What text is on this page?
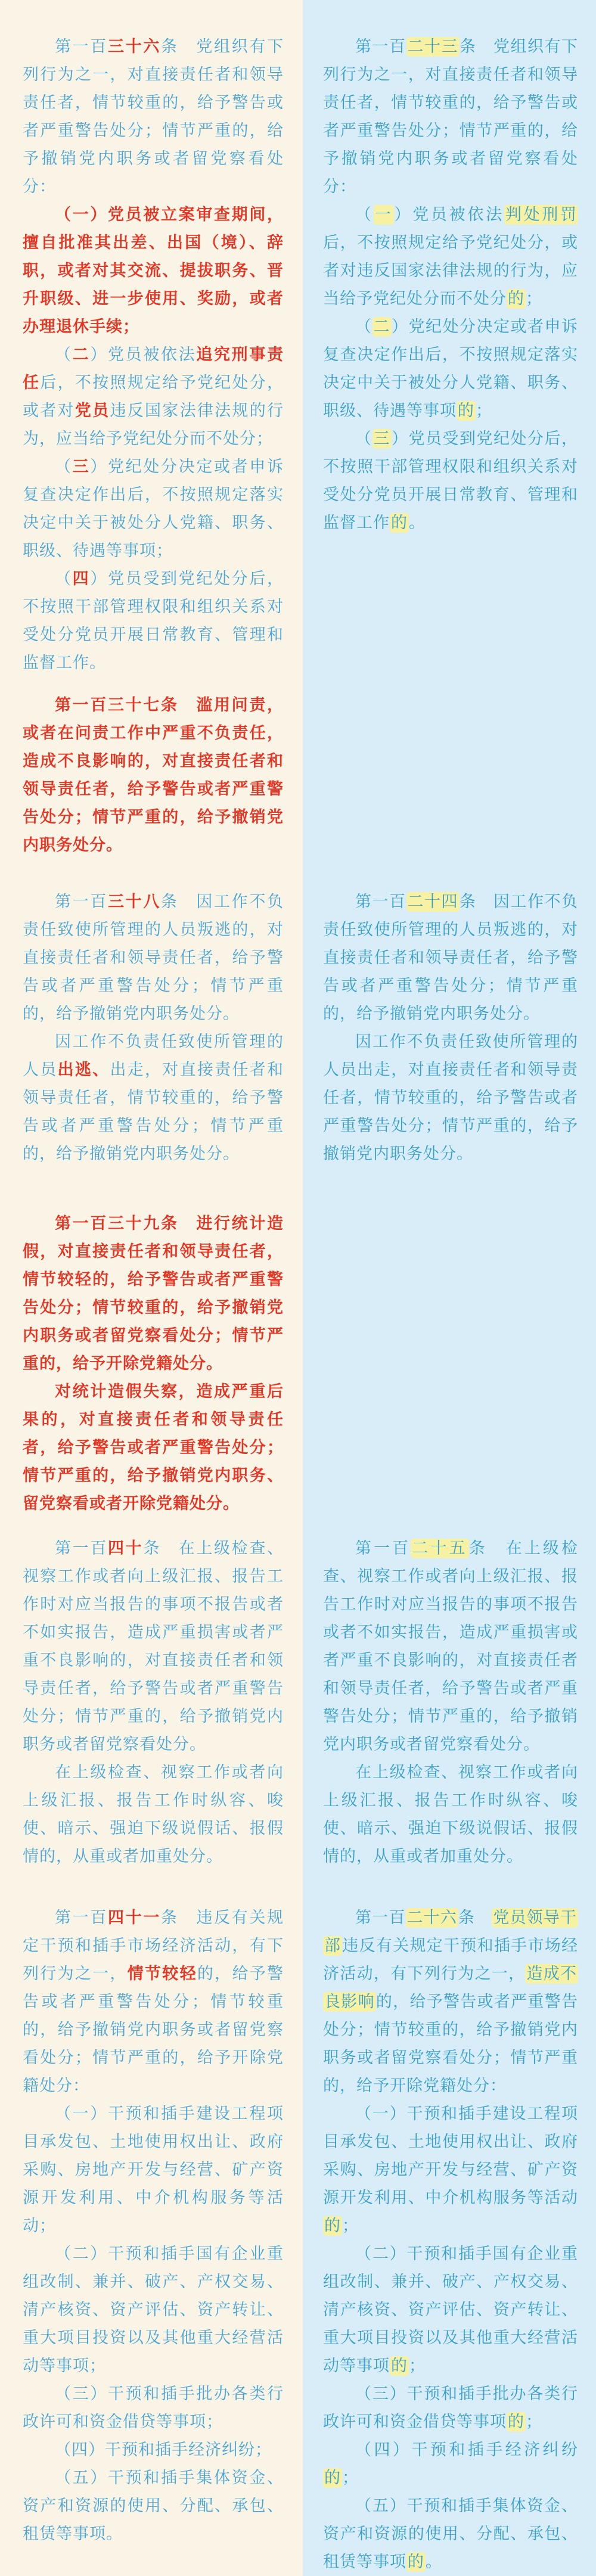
第一百三十六条　党组织有下列行为之一，对直接责任者和领导责任者，情节较重的，给予警告或者严重警告处分；情节严重的，给予撤销党内职务或者留党察看处分：

（一）党员被立案审查期间，擅自批准其出差、出国（境）、辞职，或者对其交流、提拔职务、晋升职级、进一步使用、奖励，或者办理退休手续；

（二）党员被依法追究刑事责任后，不按照规定给予党纪处分，或者对党员违反国家法律法规的行为，应当给予党纪处分而不处分；

（三）党纪处分决定或者申诉复查决定作出后，不按照规定落实决定中关于被处分人党籍、职务、职级、待遇等事项；

（四）党员受到党纪处分后，不按照干部管理权限和组织关系对受处分党员开展日常教育、管理和监督工作。

第一百二十三条　党组织有下列行为之一，对直接责任者和领导责任者，情节较重的，给予警告或者严重警告处分；情节严重的，给予撤销党内职务或者留党察看处分：

（一）党员被依法判处刑罚后，不按照规定给予党纪处分，或者对违反国家法律法规的行为，应当给予党纪处分而不处分的；

（二）党纪处分决定或者申诉复查决定作出后，不按照规定落实决定中关于被处分人党籍、职务、职级、待遇等事项的；

（三）党员受到党纪处分后，不按照干部管理权限和组织关系对受处分党员开展日常教育、管理和监督工作的。

第一百三十七条　滥用问责，或者在问责工作中严重不负责任，造成不良影响的，对直接责任者和领导责任者，给予警告或者严重警告处分；情节严重的，给予撤销党内职务处分。

第一百三十八条　因工作不负责任致使所管理的人员叛逃的，对直接责任者和领导责任者，给予警告或者严重警告处分；情节严重的，给予撤销党内职务处分。

因工作不负责任致使所管理的人员出逃、出走，对直接责任者和领导责任者，情节较重的，给予警告或者严重警告处分；情节严重的，给予撤销党内职务处分。

第一百二十四条　因工作不负责任致使所管理的人员叛逃的，对直接责任者和领导责任者，给予警告或者严重警告处分；情节严重的，给予撤销党内职务处分。

因工作不负责任致使所管理的人员出走，对直接责任者和领导责任者，情节较重的，给予警告或者严重警告处分；情节严重的，给予撤销党内职务处分。

第一百三十九条　进行统计造假，对直接责任者和领导责任者，情节较轻的，给予警告或者严重警告处分；情节较重的，给予撤销党内职务或者留党察看处分；情节严重的，给予开除党籍处分。

对统计造假失察，造成严重后果的，对直接责任者和领导责任者，给予警告或者严重警告处分；情节严重的，给予撤销党内职务、留党察看或者开除党籍处分。

第一百四十条　在上级检查、视察工作或者向上级汇报、报告工作时对应当报告的事项不报告或者不如实报告，造成严重损害或者严重不良影响的，对直接责任者和领导责任者，给予警告或者严重警告处分；情节严重的，给予撤销党内职务或者留党察看处分。

在上级检查、视察工作或者向上级汇报、报告工作时纵容、唆使、暗示、强迫下级说假话、报假情的，从重或者加重处分。

第一百二十五条　在上级检查、视察工作或者向上级汇报、报告工作时对应当报告的事项不报告或者不如实报告，造成严重损害或者严重不良影响的，对直接责任者和领导责任者，给予警告或者严重警告处分；情节严重的，给予撤销党内职务或者留党察看处分。

在上级检查、视察工作或者向上级汇报、报告工作时纵容、唆使、暗示、强迫下级说假话、报假情的，从重或者加重处分。

第一百四十一条　违反有关规定干预和插手市场经济活动，有下列行为之一，情节较轻的，给予警告或者严重警告处分；情节较重的，给予撤销党内职务或者留党察看处分；情节严重的，给予开除党籍处分：

（一）干预和插手建设工程项目承发包、土地使用权出让、政府采购、房地产开发与经营、矿产资源开发利用、中介机构服务等活动；

（二）干预和插手国有企业重组改制、兼并、破产、产权交易、清产核资、资产评估、资产转让、重大项目投资以及其他重大经营活动等事项；

（三）干预和插手批办各类行政许可和资金借贷等事项；

（四）干预和插手经济纠纷；

（五）干预和插手集体资金、资产和资源的使用、分配、承包、租赁等事项。

第一百二十六条　党员领导干部违反有关规定干预和插手市场经济活动，有下列行为之一，造成不良影响的，给予警告或者严重警告处分；情节较重的，给予撤销党内职务或者留党察看处分；情节严重的，给予开除党籍处分：

（一）干预和插手建设工程项目承发包、土地使用权出让、政府采购、房地产开发与经营、矿产资源开发利用、中介机构服务等活动的；

（二）干预和插手国有企业重组改制、兼并、破产、产权交易、清产核资、资产评估、资产转让、重大项目投资以及其他重大经营活动等事项的；

（三）干预和插手批办各类行政许可和资金借贷等事项的；

（四）干预和插手经济纠纷的；

（五）干预和插手集体资金、资产和资源的使用、分配、承包、租赁等事项的。
